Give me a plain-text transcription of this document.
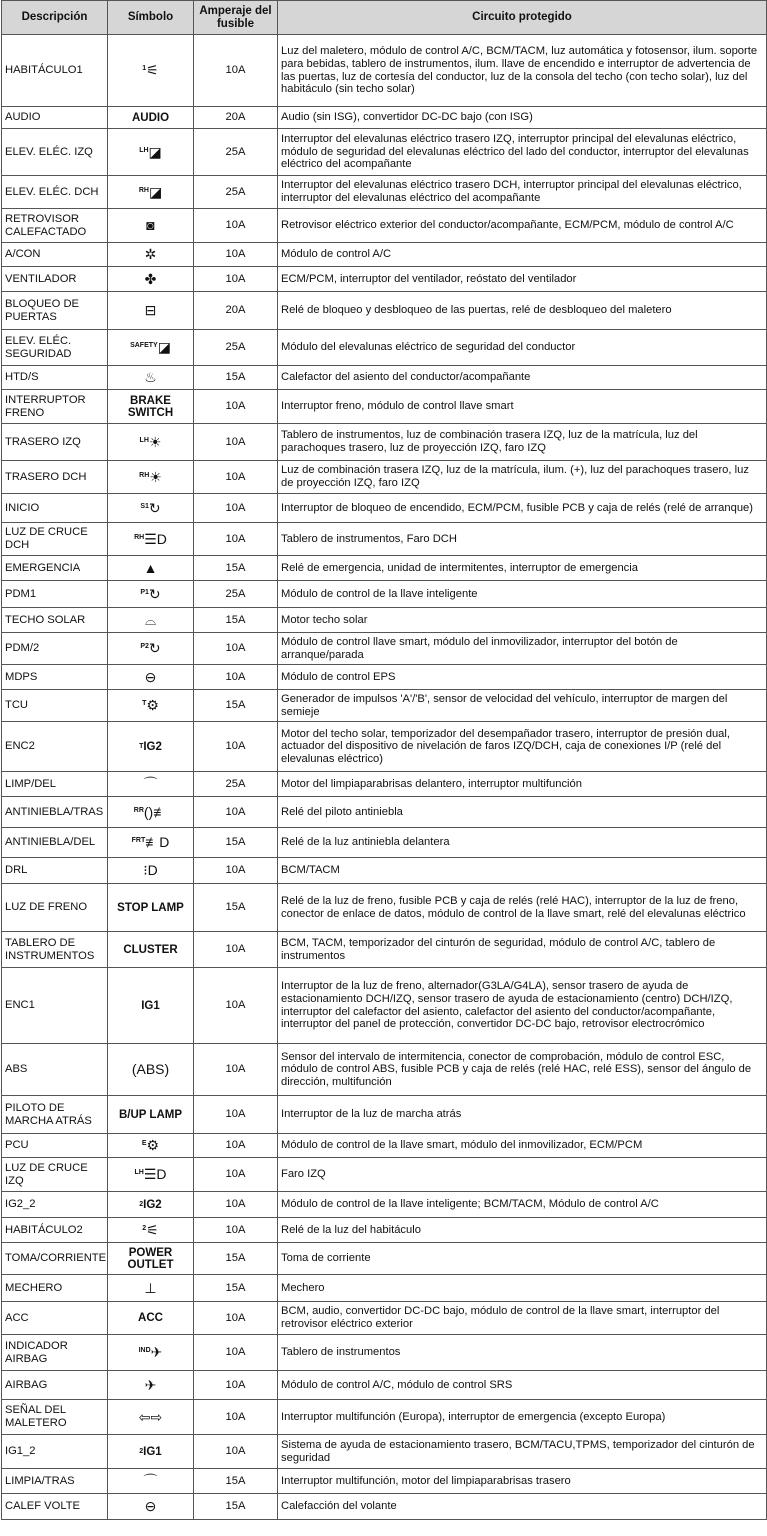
Descripción	Símbolo	Amperaje del fusible	Circuito protegido
HABITÁCULO1	$^1$⚟	10A	Luz del maletero, módulo de control A/C, BCM/TACM, luz automática y fotosensor, ilum. soporte para bebidas, tablero de instrumentos, ilum. llave de encendido e interruptor de advertencia de las puertas, luz de cortesía del conductor, luz de la consola del techo (con techo solar), luz del habitáculo (sin techo solar)
AUDIO	AUDIO	20A	Audio (sin ISG), convertidor DC-DC bajo (con ISG)
ELEV. ELÉC. IZQ	$^{LH}$◪	25A	Interruptor del elevalunas eléctrico trasero IZQ, interruptor principal del elevalunas eléctrico, módulo de seguridad del elevalunas eléctrico del lado del conductor, interruptor del elevalunas eléctrico del acompañante
ELEV. ELÉC. DCH	$^{RH}$◪	25A	Interruptor del elevalunas eléctrico trasero DCH, interruptor principal del elevalunas eléctrico, interruptor del elevalunas eléctrico del acompañante
RETROVISOR CALEFACTADO	◙	10A	Retrovisor eléctrico exterior del conductor/acompañante, ECM/PCM, módulo de control A/C
A/CON	✲	10A	Módulo de control A/C
VENTILADOR	✤	10A	ECM/PCM, interruptor del ventilador, reóstato del ventilador
BLOQUEO DE PUERTAS	⊟	20A	Relé de bloqueo y desbloqueo de las puertas, relé de desbloqueo del maletero
ELEV. ELÉC. SEGURIDAD	$^{SAFETY}$◪	25A	Módulo del elevalunas eléctrico de seguridad del conductor
HTD/S	♨	15A	Calefactor del asiento del conductor/acompañante
INTERRUPTOR FRENO	BRAKE SWITCH	10A	Interruptor freno, módulo de control llave smart
TRASERO IZQ	$^{LH}$☀	10A	Tablero de instrumentos, luz de combinación trasera IZQ, luz de la matrícula, luz del parachoques trasero, luz de proyección IZQ, faro IZQ
TRASERO DCH	$^{RH}$☀	10A	Luz de combinación trasera IZQ, luz de la matrícula, ilum. (+), luz del parachoques trasero, luz de proyección IZQ, faro IZQ
INICIO	$^{S1}$↻	10A	Interruptor de bloqueo de encendido, ECM/PCM, fusible PCB y caja de relés (relé de arranque)
LUZ DE CRUCE DCH	$^{RH}$☰D	10A	Tablero de instrumentos, Faro DCH
EMERGENCIA	▲	15A	Relé de emergencia, unidad de intermitentes, interruptor de emergencia
PDM1	$^{P1}$↻	25A	Módulo de control de la llave inteligente
TECHO SOLAR	⌓	15A	Motor techo solar
PDM/2	$^{P2}$↻	10A	Módulo de control llave smart, módulo del inmovilizador, interruptor del botón de arranque/parada
MDPS	⊖	10A	Módulo de control EPS
TCU	$^T$⚙	15A	Generador de impulsos 'A'/'B', sensor de velocidad del vehículo, interruptor de margen del semieje
ENC2	$^T$IG2	10A	Motor del techo solar, temporizador del desempañador trasero, interruptor de presión dual, actuador del dispositivo de nivelación de faros IZQ/DCH, caja de conexiones I/P (relé del elevalunas eléctrico)
LIMP/DEL	⌒	25A	Motor del limpiaparabrisas delantero, interruptor multifunción
ANTINIEBLA/TRAS	$^{RR}$()≢	10A	Relé del piloto antiniebla
ANTINIEBLA/DEL	$^{FRT}$≢D	15A	Relé de la luz antiniebla delantera
DRL	⁝D	10A	BCM/TACM
LUZ DE FRENO	STOP LAMP	15A	Relé de la luz de freno, fusible PCB y caja de relés (relé HAC), interruptor de la luz de freno, conector de enlace de datos, módulo de control de la llave smart, relé del elevalunas eléctrico
TABLERO DE INSTRUMENTOS	CLUSTER	10A	BCM, TACM, temporizador del cinturón de seguridad, módulo de control A/C, tablero de instrumentos
ENC1	IG1	10A	Interruptor de la luz de freno, alternador(G3LA/G4LA), sensor trasero de ayuda de estacionamiento DCH/IZQ, sensor trasero de ayuda de estacionamiento (centro) DCH/IZQ, interruptor del calefactor del asiento, calefactor del asiento del conductor/acompañante, interruptor del panel de protección, convertidor DC-DC bajo, retrovisor electrocrómico
ABS	(ABS)	10A	Sensor del intervalo de intermitencia, conector de comprobación, módulo de control ESC, módulo de control ABS, fusible PCB y caja de relés (relé HAC, relé ESS), sensor del ángulo de dirección, multifunción
PILOTO DE MARCHA ATRÁS	B/UP LAMP	10A	Interruptor de la luz de marcha atrás
PCU	$^E$⚙	10A	Módulo de control de la llave smart, módulo del inmovilizador, ECM/PCM
LUZ DE CRUCE IZQ	$^{LH}$☰D	10A	Faro IZQ
IG2_2	$^2$IG2	10A	Módulo de control de la llave inteligente; BCM/TACM, Módulo de control A/C
HABITÁCULO2	$^2$⚟	10A	Relé de la luz del habitáculo
TOMA/CORRIENTE	POWER OUTLET	15A	Toma de corriente
MECHERO	⊥	15A	Mechero
ACC	ACC	10A	BCM, audio, convertidor DC-DC bajo, módulo de control de la llave smart, interruptor del retrovisor eléctrico exterior
INDICADOR AIRBAG	$^{IND}$✈	10A	Tablero de instrumentos
AIRBAG	✈	10A	Módulo de control A/C, módulo de control SRS
SEÑAL DEL MALETERO	⇦⇨	10A	Interruptor multifunción (Europa), interruptor de emergencia (excepto Europa)
IG1_2	$^2$IG1	10A	Sistema de ayuda de estacionamiento trasero, BCM/TACU,TPMS, temporizador del cinturón de seguridad
LIMPIA/TRAS	⌒	15A	Interruptor multifunción, motor del limpiaparabrisas trasero
CALEF VOLTE	⊖	15A	Calefacción del volante
